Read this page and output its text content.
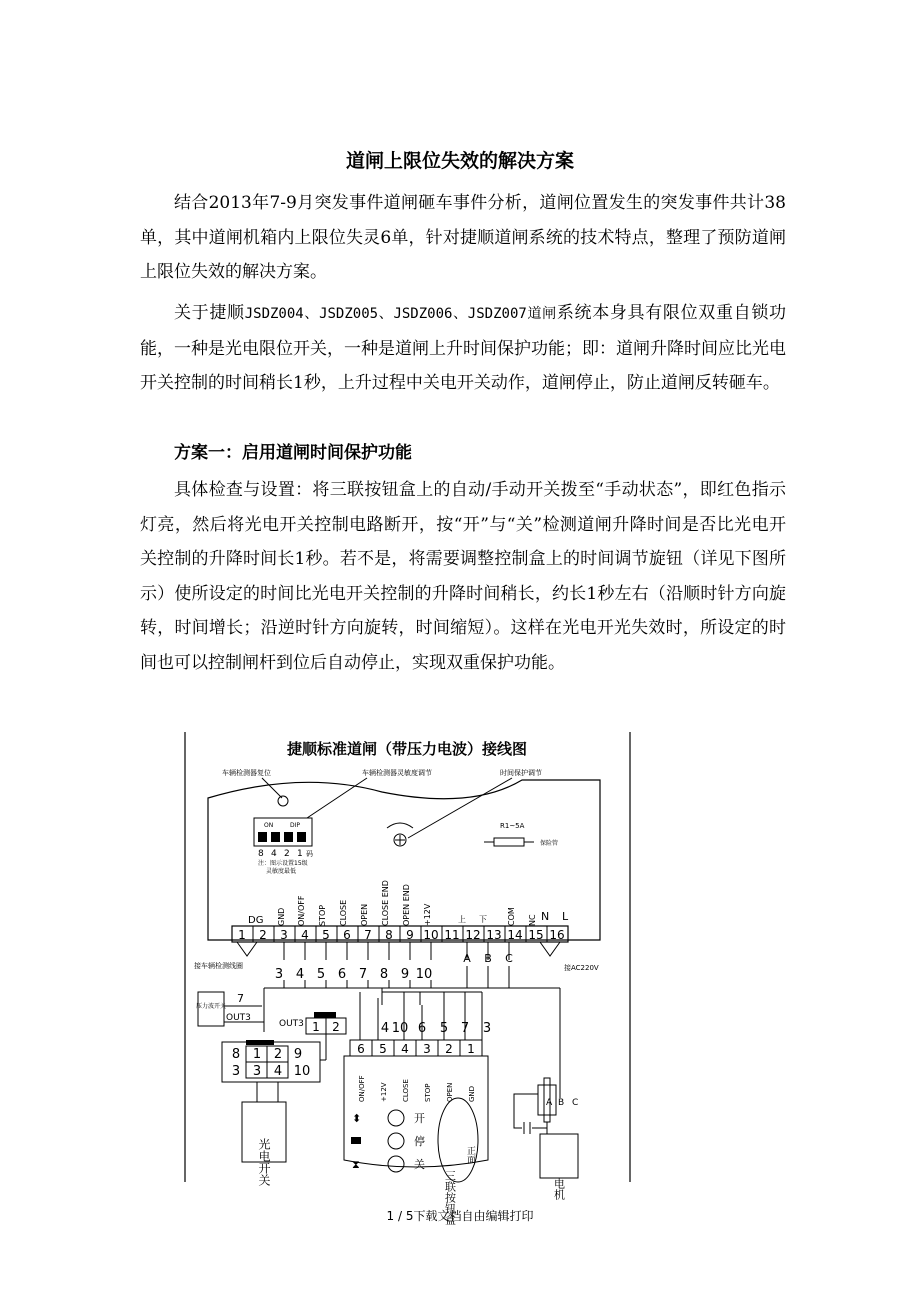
道闸上限位失效的解决方案

结合2013年7-9月突发事件道闸砸车事件分析，道闸位置发生的突发事件共计38单，其中道闸机箱内上限位失灵6单，针对捷顺道闸系统的技术特点，整理了预防道闸上限位失效的解决方案。

关于捷顺JSDZ004、JSDZ005、JSDZ006、JSDZ007道闸系统本身具有限位双重自锁功能，一种是光电限位开关，一种是道闸上升时间保护功能；即：道闸升降时间应比光电开关控制的时间稍长1秒，上升过程中关电开关动作，道闸停止，防止道闸反转砸车。

方案一：启用道闸时间保护功能

具体检查与设置：将三联按钮盒上的自动/手动开关拨至“手动状态”，即红色指示灯亮，然后将光电开关控制电路断开，按“开”与“关”检测道闸升降时间是否比光电开关控制的升降时间长1秒。若不是，将需要调整控制盒上的时间调节旋钮（详见下图所示）使所设定的时间比光电开关控制的升降时间稍长，约长1秒左右（沿顺时针方向旋转，时间增长；沿逆时针方向旋转，时间缩短）。这样在光电开光失效时，所设定的时间也可以控制闸杆到位后自动停止，实现双重保护功能。

捷顺标准道闸（带压力电波）接线图
车辆检测器复位	车辆检测器灵敏度调节	时间保护调节
ON	DIP
8 4 2 1 码
注：图示设置15级
灵敏度最低
R1~5A
保险管
DG GND ON/OFF STOP CLOSE OPEN CLOSE END OPEN END +12V	上 下	COM NC N L
1 2 3 4 5 6 7 8 9 10 11 12 13 14 15 16
接车辆检测线圈	接AC220V
3 4 5 6 7 8 9 10
A B C
压力波开关
7
OUT3
OUT3 1 2	4 10 6 5 7 3
8 1 2 9
3 3 4 10
光电开关
6 5 4 3 2 1
ON/OFF +12V CLOSE STOP OPEN GND
⬍	开
停
⧗	关
三联按钮盒
正面
A B C
电机
1 / 5下载文档自由编辑打印
